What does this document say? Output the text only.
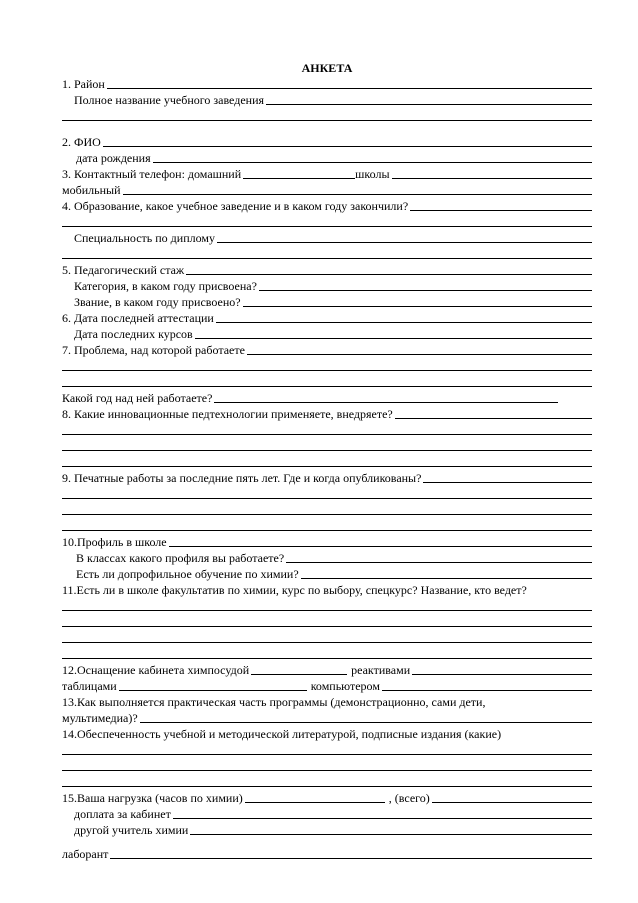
АНКЕТА
1. Район
Полное название учебного заведения
2. ФИО
дата рождения
3. Контактный телефон: домашний	школы
мобильный
4. Образование, какое учебное заведение и в каком году закончили?
Специальность по диплому
5. Педагогический стаж
Категория, в каком году присвоена?
Звание, в каком году присвоено?
6. Дата последней аттестации
Дата последних курсов
7. Проблема, над которой работаете
Какой год над ней работаете?
8. Какие инновационные педтехнологии применяете, внедряете?
9. Печатные работы за последние пять лет. Где и когда опубликованы?
10.Профиль в школе
В классах какого профиля вы работаете?
Есть ли допрофильное обучение по химии?
11.Есть ли в школе факультатив по химии, курс по выбору, спецкурс? Название, кто ведет?
12.Оснащение кабинета химпосудой	реактивами
таблицами	компьютером
13.Как выполняется практическая часть программы (демонстрационно, сами дети,
мультимедиа)?
14.Обеспеченность учебной и методической литературой, подписные издания (какие)
15.Ваша нагрузка (часов по химии)	, (всего)
доплата за кабинет
другой учитель химии
лаборант
